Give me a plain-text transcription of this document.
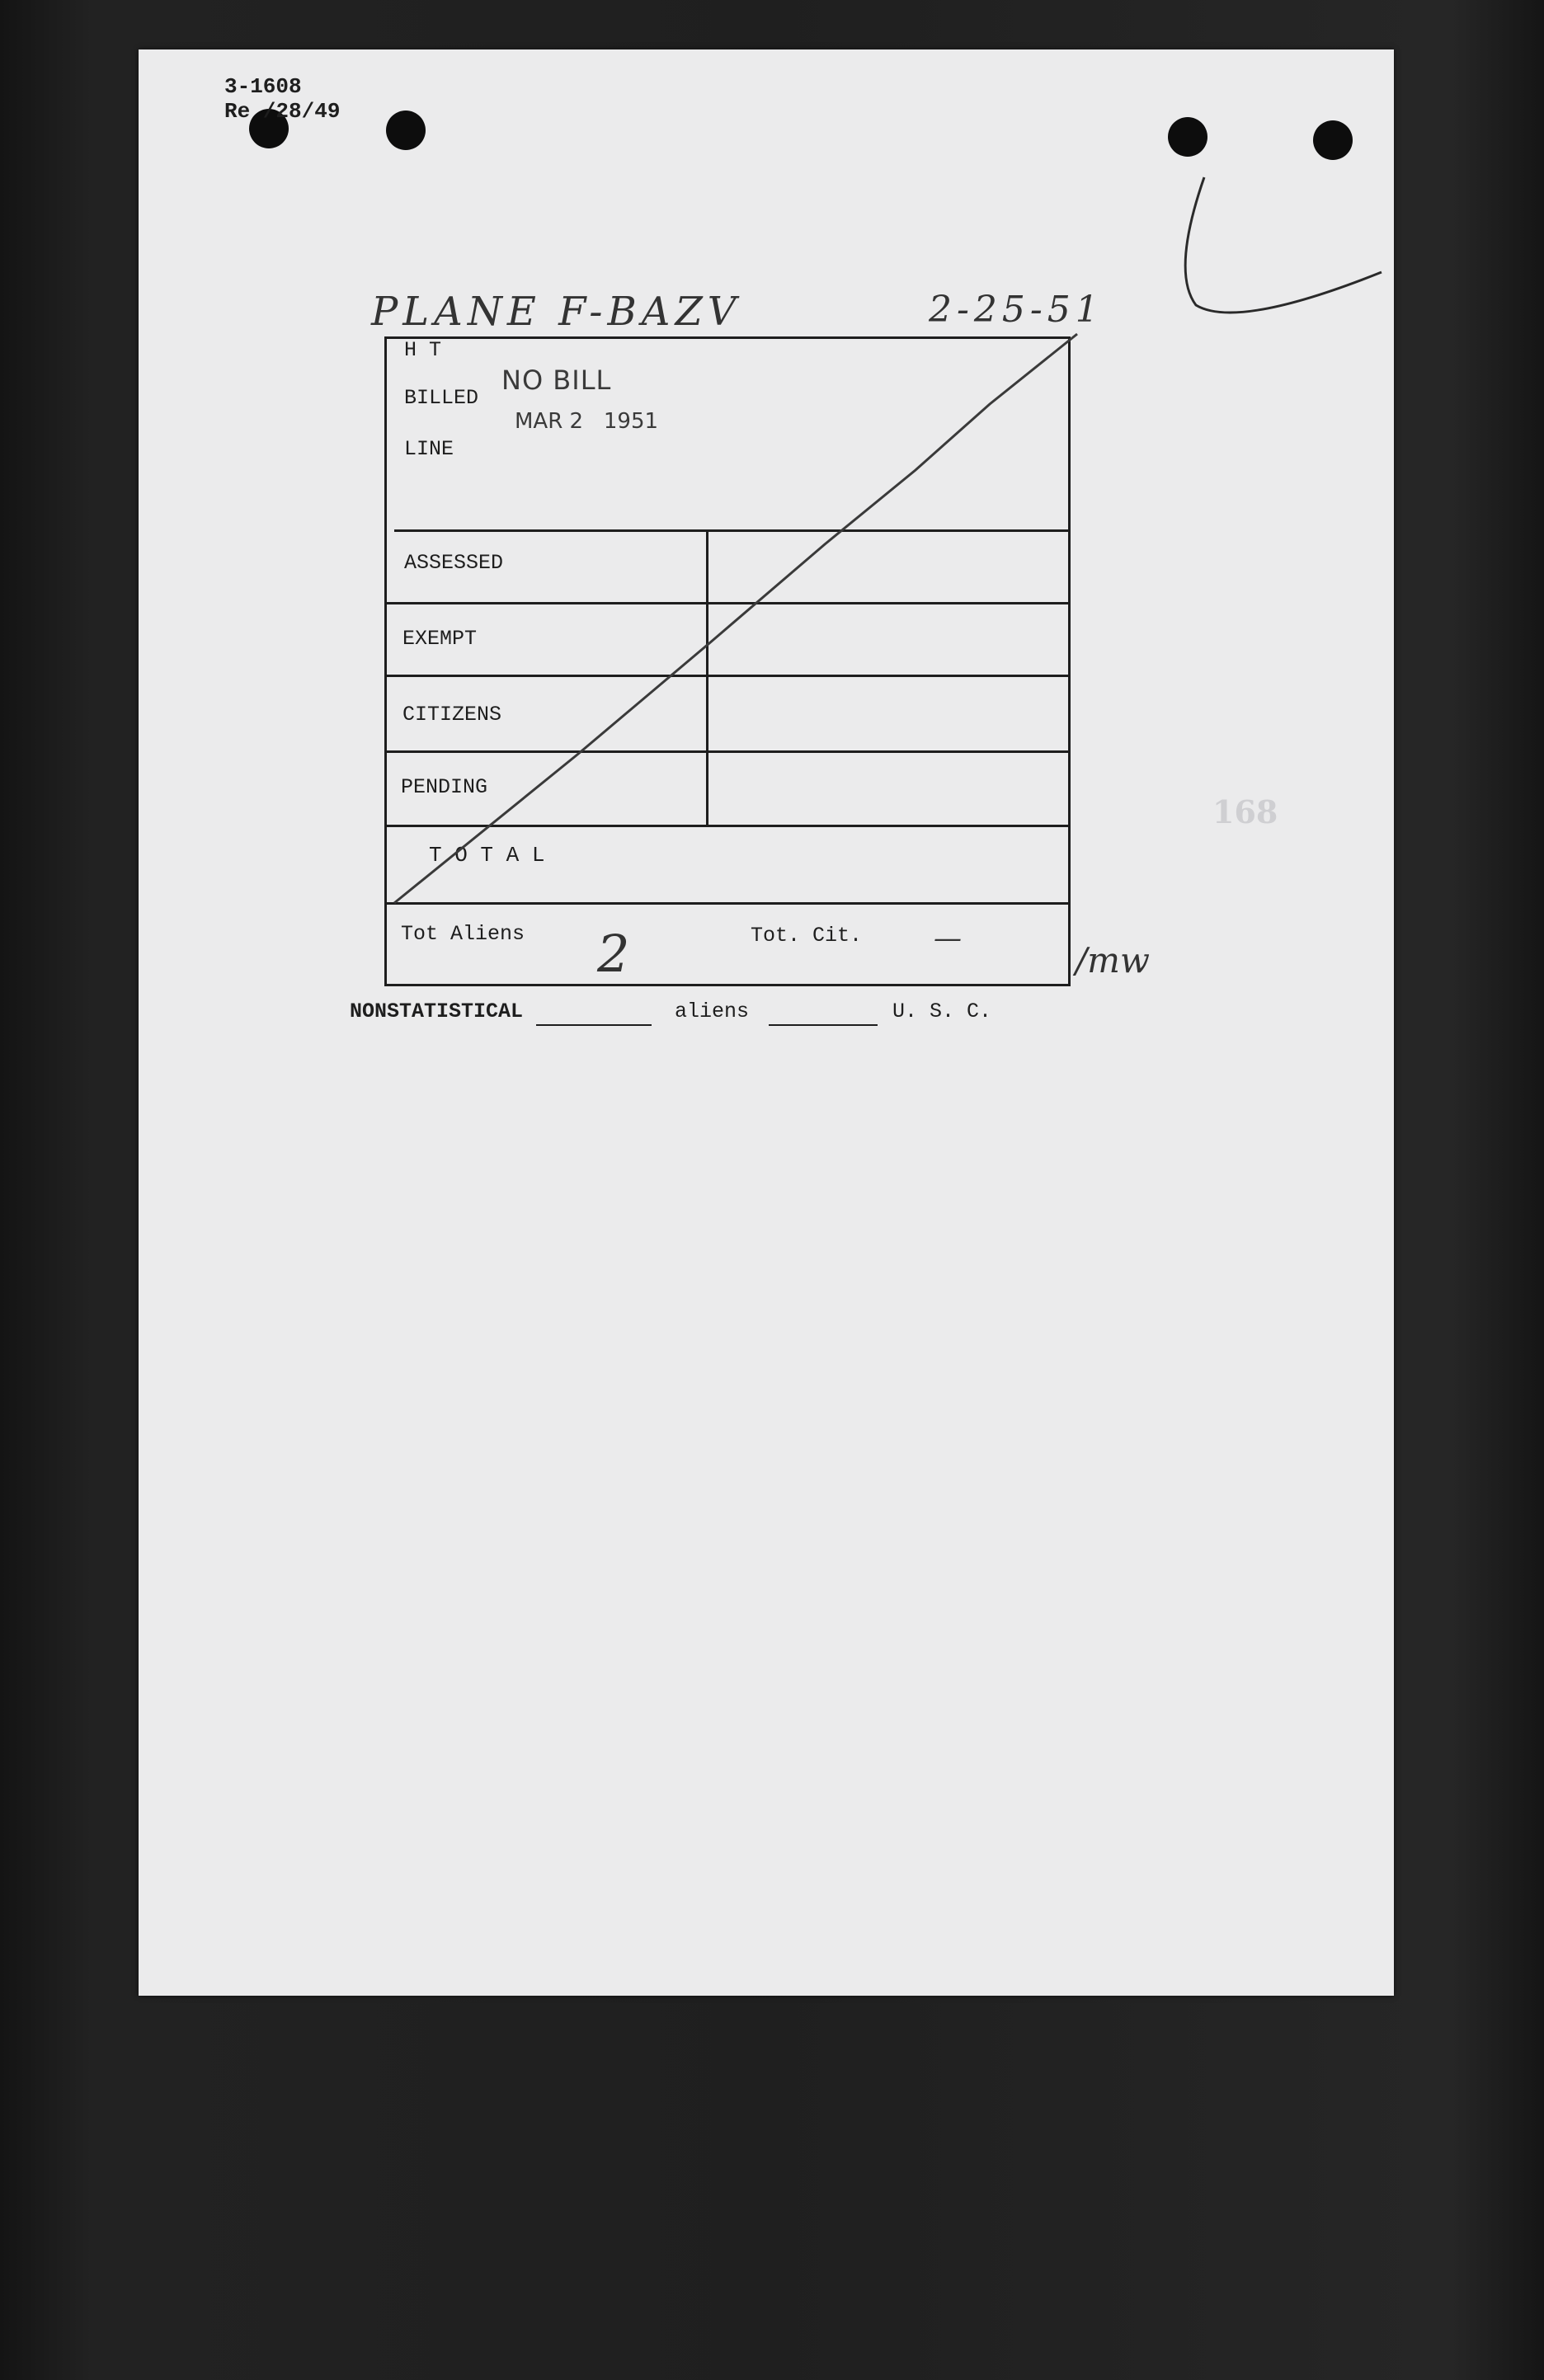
3-1608
Re /28/49
PLANE F-BAZV	2-25-51
H T
BILLED
LINE
NO BILL
MAR 2   1951
ASSESSED
EXEMPT
CITIZENS
PENDING
T O T A L
Tot Aliens 2	Tot. Cit.	—
/mw
NONSTATISTICAL	aliens	U. S. C.
168
